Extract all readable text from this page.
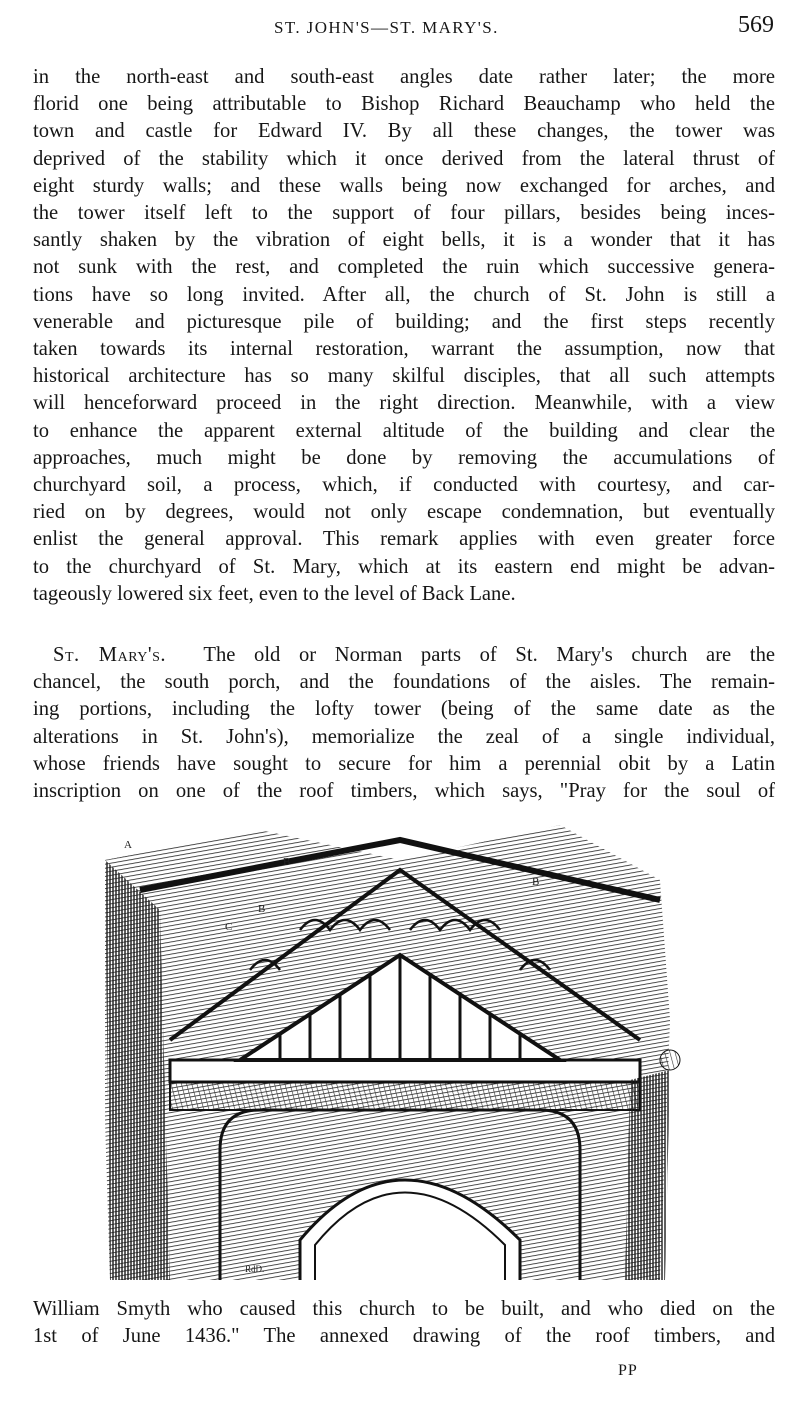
ST. JOHN'S—ST. MARY'S.	569
in the north-east and south-east angles date rather later; the more
florid one being attributable to Bishop Richard Beauchamp who held the
town and castle for Edward IV. By all these changes, the tower was
deprived of the stability which it once derived from the lateral thrust of
eight sturdy walls; and these walls being now exchanged for arches, and
the tower itself left to the support of four pillars, besides being inces-
santly shaken by the vibration of eight bells, it is a wonder that it has
not sunk with the rest, and completed the ruin which successive genera-
tions have so long invited. After all, the church of St. John is still a
venerable and picturesque pile of building; and the first steps recently
taken towards its internal restoration, warrant the assumption, now that
historical architecture has so many skilful disciples, that all such attempts
will henceforward proceed in the right direction. Meanwhile, with a view
to enhance the apparent external altitude of the building and clear the
approaches, much might be done by removing the accumulations of
churchyard soil, a process, which, if conducted with courtesy, and car-
ried on by degrees, would not only escape condemnation, but eventually
enlist the general approval. This remark applies with even greater force
to the churchyard of St. Mary, which at its eastern end might be advan-
tageously lowered six feet, even to the level of Back Lane.
St. Mary's. The old or Norman parts of St. Mary's church are the
chancel, the south porch, and the foundations of the aisles. The remain-
ing portions, including the lofty tower (being of the same date as the
alterations in St. John's), memorialize the zeal of a single individual,
whose friends have sought to secure for him a perennial obit by a Latin
inscription on one of the roof timbers, which says, "Pray for the soul of
A
B
B
C
B
RdD.
William Smyth who caused this church to be built, and who died on the
1st of June 1436." The annexed drawing of the roof timbers, and
PP
